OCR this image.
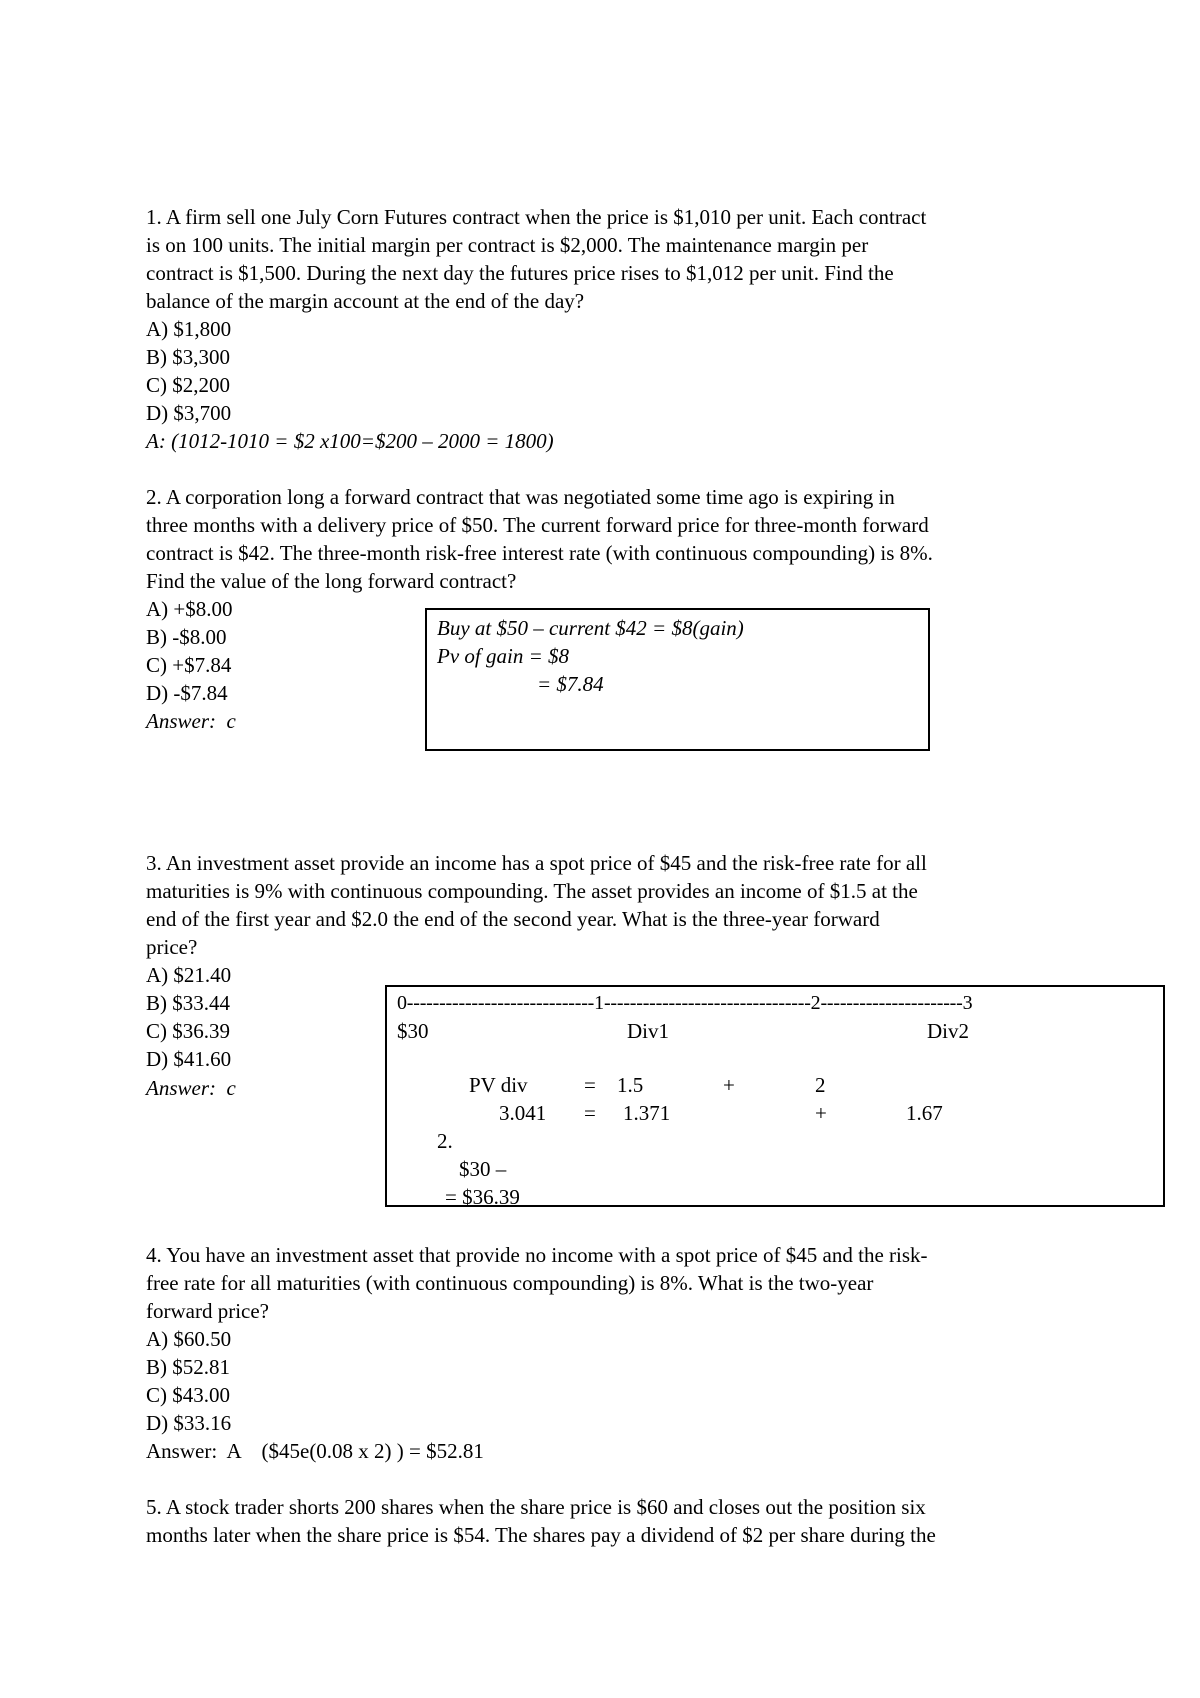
1. A firm sell one July Corn Futures contract when the price is $1,010 per unit. Each contract
is on 100 units. The initial margin per contract is $2,000. The maintenance margin per
contract is $1,500. During the next day the futures price rises to $1,012 per unit. Find the
balance of the margin account at the end of the day?
A) $1,800
B) $3,300
C) $2,200
D) $3,700
A: (1012-1010 = $2 x100=$200 – 2000 = 1800)
2. A corporation long a forward contract that was negotiated some time ago is expiring in
three months with a delivery price of $50. The current forward price for three-month forward
contract is $42. The three-month risk-free interest rate (with continuous compounding) is 8%.
Find the value of the long forward contract?
A) +$8.00
B) -$8.00
C) +$7.84
D) -$7.84
Answer:  c
Buy at $50 – current $42 = $8(gain)
Pv of gain = $8
= $7.84
3. An investment asset provide an income has a spot price of $45 and the risk-free rate for all
maturities is 9% with continuous compounding. The asset provides an income of $1.5 at the
end of the first year and $2.0 the end of the second year. What is the three-year forward
price?
A) $21.40
B) $33.44
C) $36.39
D) $41.60
Answer:  c
0-----------------------------1--------------------------------2----------------------3
$30	Div1	Div2
PV div	= 1.5	+	2
3.041 = 1.371	+	1.67
2.
$30 –
= $36.39
4. You have an investment asset that provide no income with a spot price of $45 and the risk-
free rate for all maturities (with continuous compounding) is 8%. What is the two-year
forward price?
A) $60.50
B) $52.81
C) $43.00
D) $33.16
Answer:  A    ($45e(0.08 x 2) ) = $52.81
5. A stock trader shorts 200 shares when the share price is $60 and closes out the position six
months later when the share price is $54. The shares pay a dividend of $2 per share during the
